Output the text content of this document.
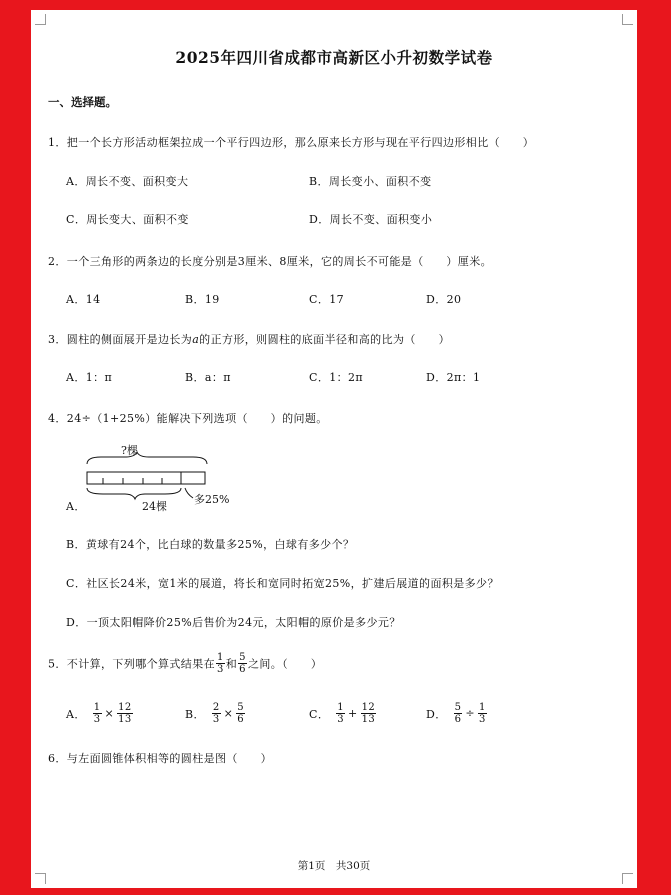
2025年四川省成都市高新区小升初数学试卷
一、选择题。
1．把一个长方形活动框架拉成一个平行四边形，那么原来长方形与现在平行四边形相比（　　）
A．周长不变、面积变大	B．周长变小、面积不变
C．周长变大、面积不变	D．周长不变、面积变小
2．一个三角形的两条边的长度分别是3厘米、8厘米，它的周长不可能是（　　）厘米。
A．14	B．19	C．17	D．20
3．圆柱的侧面展开是边长为a的正方形，则圆柱的底面半径和高的比为（　　）
A．1：π	B．a：π	C．1：2π	D．2π：1
4．24÷（1+25%）能解决下列选项（　　）的问题。
?棵
24棵
多25%
A．
B．黄球有24个，比白球的数量多25%，白球有多少个？
C．社区长24米，宽1米的展道，将长和宽同时拓宽25%，扩建后展道的面积是多少？
D．一顶太阳帽降价25%后售价为24元，太阳帽的原价是多少元？
5．不计算，下列哪个算式结果在 $\frac{1}{3}$ 和 $\frac{5}{6}$ 之间。（　　）
A． $\frac{1}{3} \times \frac{12}{13}$	B． $\frac{2}{3} \times \frac{5}{6}$	C． $\frac{1}{3} + \frac{12}{13}$	D． $\frac{5}{6} \div \frac{1}{3}$
6．与左面圆锥体积相等的圆柱是图（　　）
第1页　共30页
